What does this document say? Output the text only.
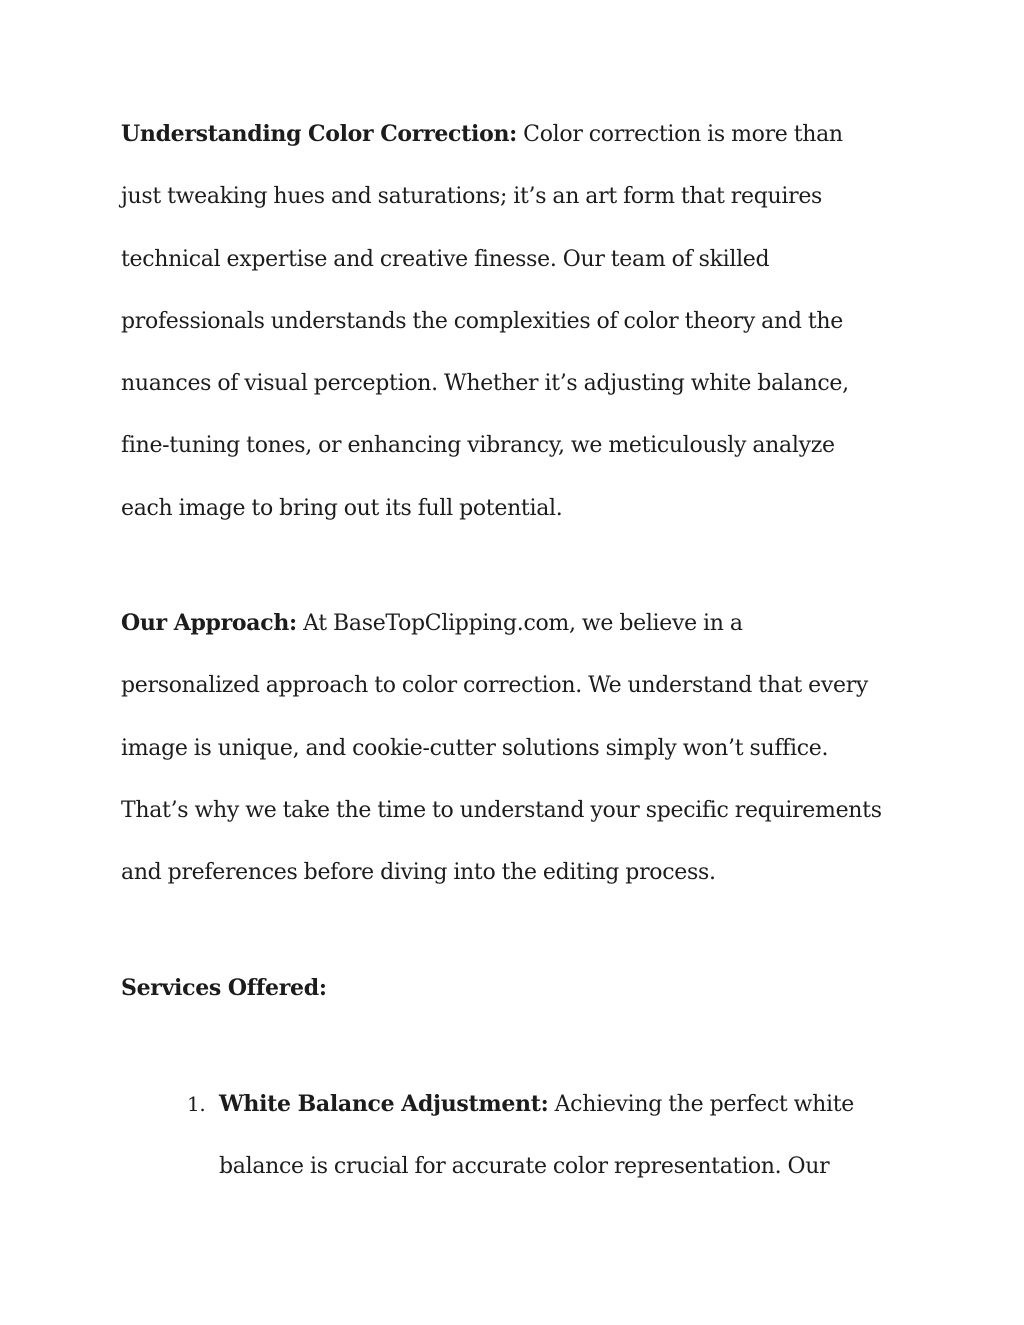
Understanding Color Correction: Color correction is more than
just tweaking hues and saturations; it’s an art form that requires
technical expertise and creative finesse. Our team of skilled
professionals understands the complexities of color theory and the
nuances of visual perception. Whether it’s adjusting white balance,
fine-tuning tones, or enhancing vibrancy, we meticulously analyze
each image to bring out its full potential.

Our Approach: At BaseTopClipping.com, we believe in a
personalized approach to color correction. We understand that every
image is unique, and cookie-cutter solutions simply won’t suffice.
That’s why we take the time to understand your specific requirements
and preferences before diving into the editing process.

Services Offered:

1. White Balance Adjustment: Achieving the perfect white
balance is crucial for accurate color representation. Our
